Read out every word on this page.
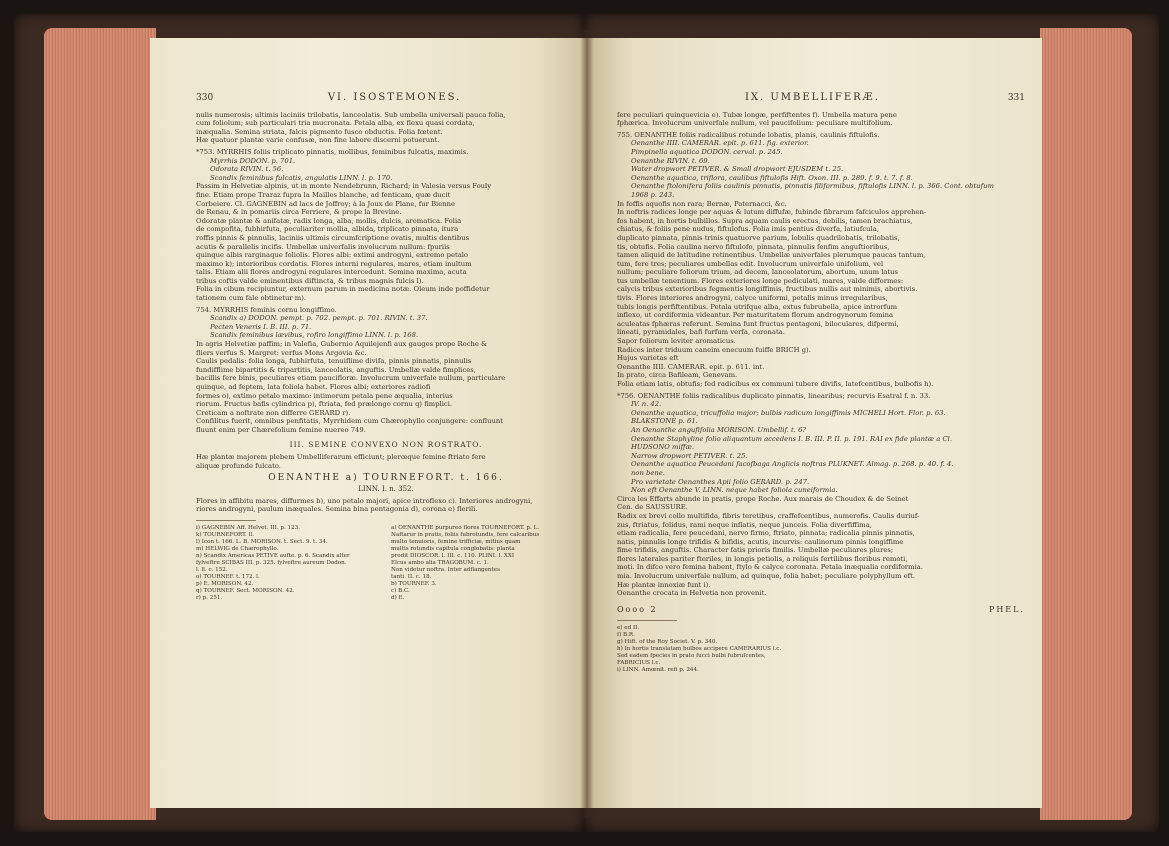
330	VI. ISOSTEMONES.

nulis numerosis; ultimis laciniis trilobatis, lanceolatis. Sub umbella universali pauca folia,

cum foliolum; sub particulari tria mucronata. Petala alba, ex flexu quasi cordata,

inæqualia. Semina striata, falcis pigmento fusco obductis. Folia fœtent.

Hæ quatuor plantæ varie confusæ, non fine labore discerni potuerunt.

*753. MYRRHIS foliis triplicato pinnatis, mollibus, feminibus fulcatis, maximis.

Myrrhis DODON. p. 701.

Odorata RIVIN. t. 56.

Scandix feminibus fulcatis, angulatis LINN. l. p. 170.

Passim in Helvetiæ alpinis, ut in monte Nendebrunn, Richard; in Valesia versus Fouly

fine. Etiam prope Traraz fupra la Mailles blanche, ad fenticam, quæ ducit

Corbeiere. Cl. GAGNEBIN ad lacs de Joffroy; à la Joux de Plane, fur Bienne

de Renau, & in pomariis circa Ferriere, & prope la Brevine.

Odoratæ plantæ & anifatæ, radix longa, alba, mollis, dulcis, aromatica. Folia

de compofita, fubhirfuta, peculiariter mollia, albida, triplicato pinnata, itura

roffis pinnis & pinnulis, laciniis ultimis circumfcriptione ovatis, multis dentibus

acutis & parallelis incifis. Umbellæ univerfalis involucrum nullum: fpuriis

quinque albis rarginaque foliolis. Flores albi: extimi androgyni, extremo petalo

maximo k); interioribus cordatis. Flores interni regulares, mares, etiam inultum

talis. Etiam alii flores androgyni regulares intercedunt. Semina maxima, acuta

tribus coftis valde eminentibus diftincta, & tribus magnis fulcis l).

Folia in cibum recipiuntur, externum parum in medicina notæ. Oleum inde poffidetur

tationem cum fale obtinetur m).

754. MYRRHIS feminis cornu longiffimo.

Scandix a) DODON. pempt. p. 702. pempt. p. 701. RIVIN. t. 37.

Pecten Veneris I. B. III. p. 71.

Scandix feminibus lævibus, rofiro longiffimo LINN. l. p. 168.

In agris Helvetiæ paffim; in Valefia, Gubernio Aquilejenfi aux gauges prope Roche &

fliers verfus S. Margret: verfus Mons Argovia &c.

Caulis pedalis: folia longa, fubhirfuta, tenuiflime divifa, pinnis pinnatis, pinnulis

fundifflime bipartitis & tripartitis, lanceolatis, anguftis. Umbellæ valde fimplices,

bacillis fere binis, peculiares etiam paucifloræ. Involucrum univerfale nullum, particulare

quinque, ad feptem, lata foliola habet. Flores albi; exteriores radiofi

formes o), extimo petalo maximo: intimorum petala pene æqualia, interius

riorum. Fructus bafis cylindrica p), ftriata, fed prælongo cornu q) fimplici.

Creticam a noftrate non differre GERARD r).

Confilitus fuerit, omnibus penfitatis, Myrrhidem cum Chærophyllo conjungere: confluunt

fluunt enim per Chærefolium femine nuereo 749.

III. SEMINE CONVEXO NON ROSTRATO.

Hæ plantæ majorem plebem Umbelliferarum efficiunt; plerœque femine ftriato fere

aliquæ profunde fulcato.

OENANTHE a) TOURNEFORT. t. 166.
LINN. I. n. 352.

Flores in affibitu mares, diffurmes b), uno petalo majori, apice introflexo c). Interiores androgyni,

riores androgyni, paulum inæquales. Semina bina pentagonia d), corona e) flerili.

i) GAGNEBIN Aff. Helvet. III. p. 123.

k) TOURNEFORT. ll.

l) Icon t. 166. L. B. MORISON. t. Sect. 9. t. 34.

m) HELWIG de Chærophyllo.

n) Scandix Americas PETIVE aufte. p. 6. Scandix alter

fylveftre SCIBAS III. p. 325. fylveftre aureum Dodon.

l. ll. c. 152.

o) TOURNEF. t. 172. l.

p) E. MORISON. 42.

q) TOURNEF. Sect. MORISON. 42.

r) p. 251.

a) OENANTHE purpureo flores TOURNEFORT. p. L.

Naftarur in pratis, foliis fubrotundis, fere calcaribus

multo tenuioris, femine trifficiæ, mitius quam

multis rotundis capitula conglobatis: planta

prodit DIOSCOR. l. III. c. 110. PLINI. l. XXI

Elcus ambo alia TRAGOBUM. c. 1.

Non videtur noftra. Inter adflangentes

tanti. II. c. 18.

b) TOURNEF. 3.

c) B.C.

d) E.

IX. UMBELLIFERÆ.	331

fere peculiari quinquevicia e). Tubæ longæ, perfiftentes f). Umbella matura pene

fphærica. Involucrum univerfale nullum, vel paucifolium: peculiare multifolium.

755. OENANTHE foliis radicalibus rotunde lobatis, planis, caulinis fiftulofis.

Oenanthe IIII. CAMERAR. epit. p. 611. fig. exterior.

Pimpinella aquatica DODON. cerval. p. 245.

Oenanthe RIVIN. t. 69.

Water dropwort PETIVER. & Small dropwort EJUSDEM t. 25.

Oenanthe aquatica, triflora, caulibus fiftulofis Hift. Oxon. III. p. 289. f. 9. t. 7. f. 8.

Oenanthe ftolonifera foliis caulinis pinnatis, pinnatis filiformibus, fiftulofis LINN. l. p. 366. Cont. obtufum

1968 p. 243.

In foffis aquofis non rara; Bernæ, Paternacci, &c.

In noftris radices longe per aquas & lutum diffufæ, fubinde fibrarum fafciculos apprehen-

fos habent, in hortis bulbillos. Supra aquam caulis erectus, debilis, tamen brachiatus,

chiatus, & foliis pene nudus, fiftulofus. Folia imis pentius diverfa, latiufcula,

duplicato pinnata, pinnis trinis quatuorve parium, lobulis quadrilobatis, trilobatis,

tis, obtufis. Folia caulina nervo fiftulofo, pinnata, pinnulis fenfim anguftioribus,

tamen aliquid de latitudine retinentibus. Umbellæ univerfales plerumque paucas tantum,

tum, fere tres; peculiares umbellas edit. Involucrum univerfale unifolium, vel

nullum; peculiare foliorum trium, ad decem, lanceolatorum, abortum, unum latus

tus umbellæ tenentium. Flores exteriores longe pediculati, mares, valde difformes:

calycis tribus exterioribus fegmentis longiffimis, fructibus nullis aut minimis, abortivis.

tivis. Flores interiores androgyni, calyce uniformi, petalis minus irregularibus,

tubis longis perfiftentibus. Petala utrifque alba, extus fubrubella, apice introrfum

inflexo, ut cordiformia videantur. Per maturitatem florum androgynorum femina

aculeatas fphæras referunt. Semina funt fructus pentagoni, biloculares, difpermi,

lineati, pyramidales, bafi furfum verfa, coronata.

Sapor foliorum leviter aromaticus.

Radices inter triduum caneim enecuum fuiffe BRICH g).

Hujus varietas eft

Oenanthe IIII. CAMERAR. epit. p. 611. int.

In prato, circa Bafileam, Genevam.

Folia etiam latis, obtufis; fed radicibus ex communi tubere divifis, latefcentibus, bulbofis h).

*756. OENANTHE foliis radicalibus duplicato pinnatis, linearibus; recurvis Esatral f. n. 33.

IV. n. 42.

Oenanthe aquatica, tricuffolia major; bulbis radicum longiffimis MICHELI Hort. Flor. p. 63.

BLAKSTONE p. 61.

An Oenanthe angufifolia MORISON. Umbellif. t. 6?

Oenanthe Staphyline folio aliquantum accedens I. B. III. P. II. p. 191. RAI ex fide plantæ a Cl.

HUDSONO miffæ.

Narrow dropwort PETIVER. t. 25.

Oenanthe aquatica Peucedani facofbaga Anglicis noftras PLUKNET. Almag. p. 268. p. 40. f. 4.

non bene.

Pro varietate Oenanthes Apii folio GERARD. p. 247.

Non eft Oenanthe V. LINN. neque habet foliola cuneiformia.

Circa les Effarts abunde in pratis, prope Roche. Aux marais de Choudex & de Seinet

Cen. de SAUSSURE.

Radix ex brevi collo multifida, fibris teretibus, craffefcentibus, numerofis. Caulis duriuf-

zus, ftriatus, folidus, rami neque inflatis, neque junceis. Folia diverfiffima,

etiam radicalia, fere peucedani, nervo firmo, ftriato, pinnata; radicalia pinnis pinnatis,

natis, pinnulis longe trifidis & bifidis, acutis, incurvis: caulinorum pinnis longiffime

fime trifidis, anguftis. Character fatis prioris fimilis. Umbellæ peculiares plures;

flores laterales pariter fteriles, in longis petiolis, a reliquis fertilibus floribus remoti,

moti. In difco vero femina habent, ftylo & calyce coronata. Petala inæqualia cordiformia.

mia. Involucrum univerfale nullum, ad quinque, folia habet; peculiare polyphyllum eft.

Hæ plantæ innoxiæ funt i).

Oenanthe crocata in Helvetia non provenit.

Oooo 2	PHEL.

e) ed II.

f) B.R.

g) Hift. of the Roy Societ. V. p. 340.

h) In hortis translatam bulbos accipere CAMERARIUS l.c.

Sed eadem fpecies in prato fucci bulbi fubrufcentes,

FABRICIUS l.c.

i) LINN. Amœnit. refi p. 244.
